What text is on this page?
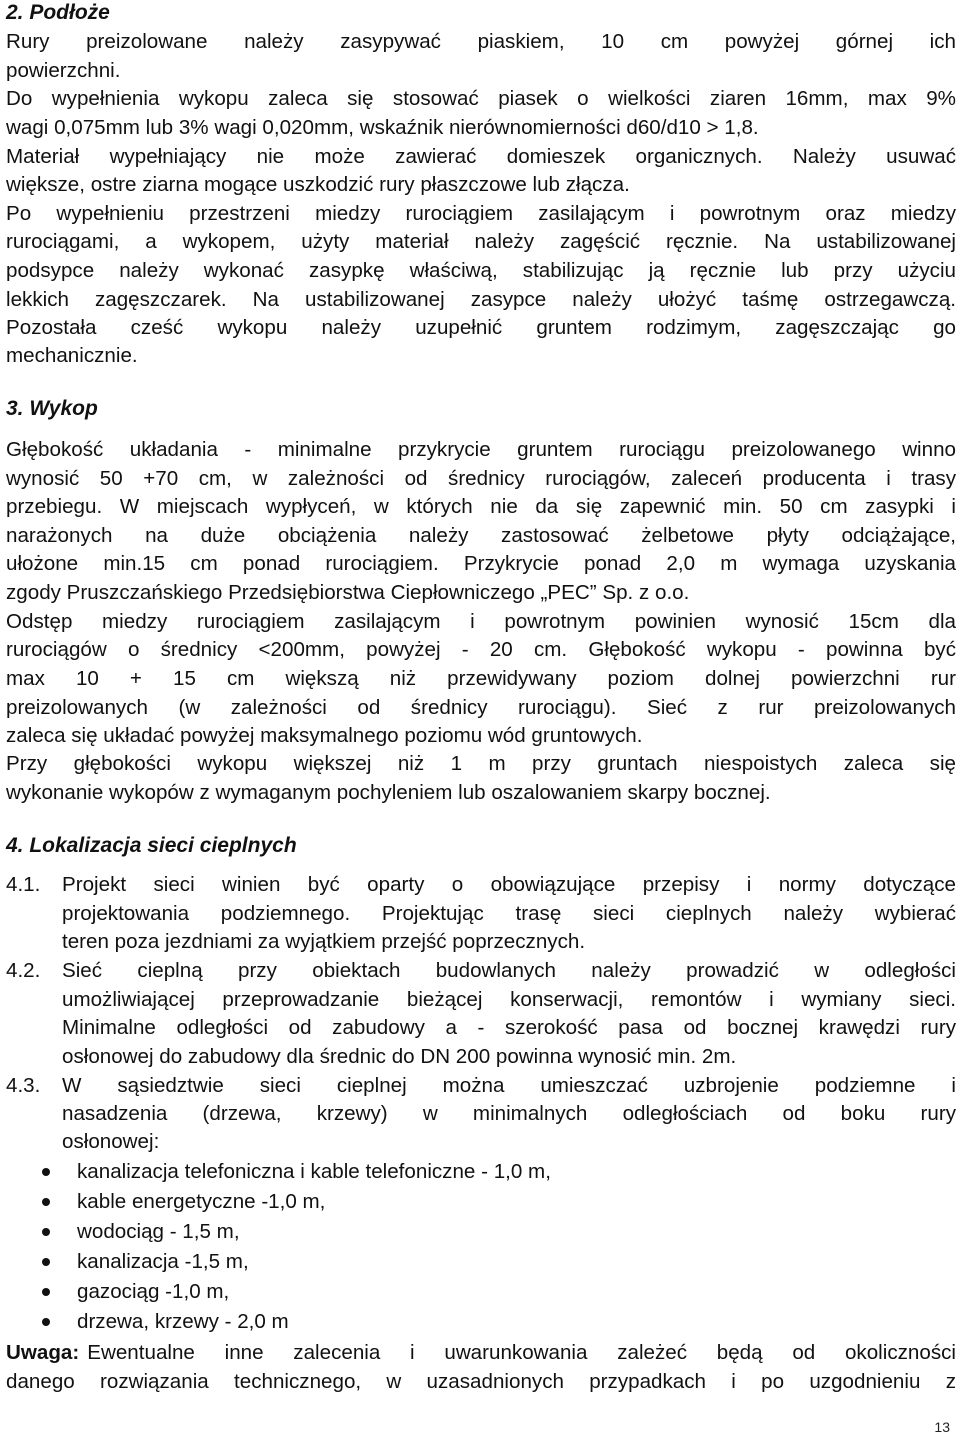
2. Podłoże

Rury preizolowane należy zasypywać piaskiem, 10 cm powyżej górnej ich

powierzchni.

Do wypełnienia wykopu zaleca się stosować piasek o wielkości ziaren 16mm, max 9%

wagi 0,075mm lub 3% wagi 0,020mm, wskaźnik nierównomierności d60/d10 > 1,8.

Materiał wypełniający nie może zawierać domieszek organicznych. Należy usuwać

większe, ostre ziarna mogące uszkodzić rury płaszczowe lub złącza.

Po wypełnieniu przestrzeni miedzy rurociągiem zasilającym i powrotnym oraz miedzy

rurociągami, a wykopem, użyty materiał należy zagęścić ręcznie. Na ustabilizowanej

podsypce należy wykonać zasypkę właściwą, stabilizując ją ręcznie lub przy użyciu

lekkich zagęszczarek. Na ustabilizowanej zasypce należy ułożyć taśmę ostrzegawczą.

Pozostała cześć wykopu należy uzupełnić gruntem rodzimym, zagęszczając go

mechanicznie.

3. Wykop

Głębokość układania - minimalne przykrycie gruntem rurociągu preizolowanego winno

wynosić 50 +70 cm, w zależności od średnicy rurociągów, zaleceń producenta i trasy

przebiegu. W miejscach wypłyceń, w których nie da się zapewnić min. 50 cm zasypki i

narażonych na duże obciążenia należy zastosować żelbetowe płyty odciążające,

ułożone min.15 cm ponad rurociągiem. Przykrycie ponad 2,0 m wymaga uzyskania

zgody Pruszczańskiego Przedsiębiorstwa Ciepłowniczego „PEC” Sp. z o.o.

Odstęp miedzy rurociągiem zasilającym i powrotnym powinien wynosić 15cm dla

rurociągów o średnicy <200mm, powyżej - 20 cm. Głębokość wykopu - powinna być

max 10 + 15 cm większą niż przewidywany poziom dolnej powierzchni rur

preizolowanych (w zależności od średnicy rurociągu). Sieć z rur preizolowanych

zaleca się układać powyżej maksymalnego poziomu wód gruntowych.

Przy głębokości wykopu większej niż 1 m przy gruntach niespoistych zaleca się

wykonanie wykopów z wymaganym pochyleniem lub oszalowaniem skarpy bocznej.

4. Lokalizacja sieci cieplnych

4.1. Projekt sieci winien być oparty o obowiązujące przepisy i normy dotyczące

projektowania podziemnego. Projektując trasę sieci cieplnych należy wybierać

teren poza jezdniami za wyjątkiem przejść poprzecznych.

4.2. Sieć cieplną przy obiektach budowlanych należy prowadzić w odległości

umożliwiającej przeprowadzanie bieżącej konserwacji, remontów i wymiany sieci.

Minimalne odległości od zabudowy a - szerokość pasa od bocznej krawędzi rury

osłonowej do zabudowy dla średnic do DN 200 powinna wynosić min. 2m.

4.3. W sąsiedztwie sieci cieplnej można umieszczać uzbrojenie podziemne i

nasadzenia (drzewa, krzewy) w minimalnych odległościach od boku rury

osłonowej:

kanalizacja telefoniczna i kable telefoniczne - 1,0 m,

kable energetyczne -1,0 m,

wodociąg - 1,5 m,

kanalizacja -1,5 m,

gazociąg -1,0 m,

drzewa, krzewy - 2,0 m

Uwaga: Ewentualne inne zalecenia i uwarunkowania zależeć będą od okoliczności

danego rozwiązania technicznego, w uzasadnionych przypadkach i po uzgodnieniu z

13
